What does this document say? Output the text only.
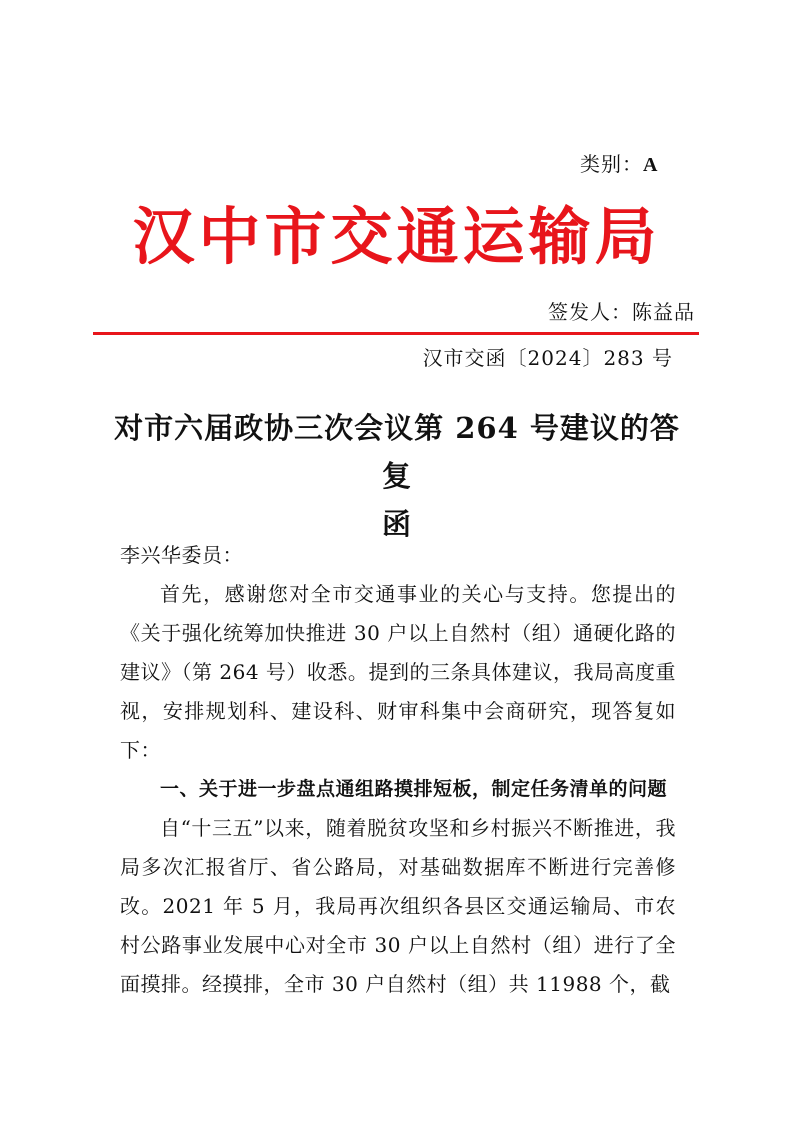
类别：A
汉中市交通运输局
签发人：陈益品
汉市交函〔2024〕283 号
对市六届政协三次会议第 264 号建议的答复
函

李兴华委员：

首先，感谢您对全市交通事业的关心与支持。您提出的《关于强化统筹加快推进 30 户以上自然村（组）通硬化路的建议》（第 264 号）收悉。提到的三条具体建议，我局高度重视，安排规划科、建设科、财审科集中会商研究，现答复如下：

一、关于进一步盘点通组路摸排短板，制定任务清单的问题

自“十三五”以来，随着脱贫攻坚和乡村振兴不断推进，我局多次汇报省厅、省公路局，对基础数据库不断进行完善修改。2021 年 5 月，我局再次组织各县区交通运输局、市农村公路事业发展中心对全市 30 户以上自然村（组）进行了全面摸排。经摸排，全市 30 户自然村（组）共 11988 个，截
